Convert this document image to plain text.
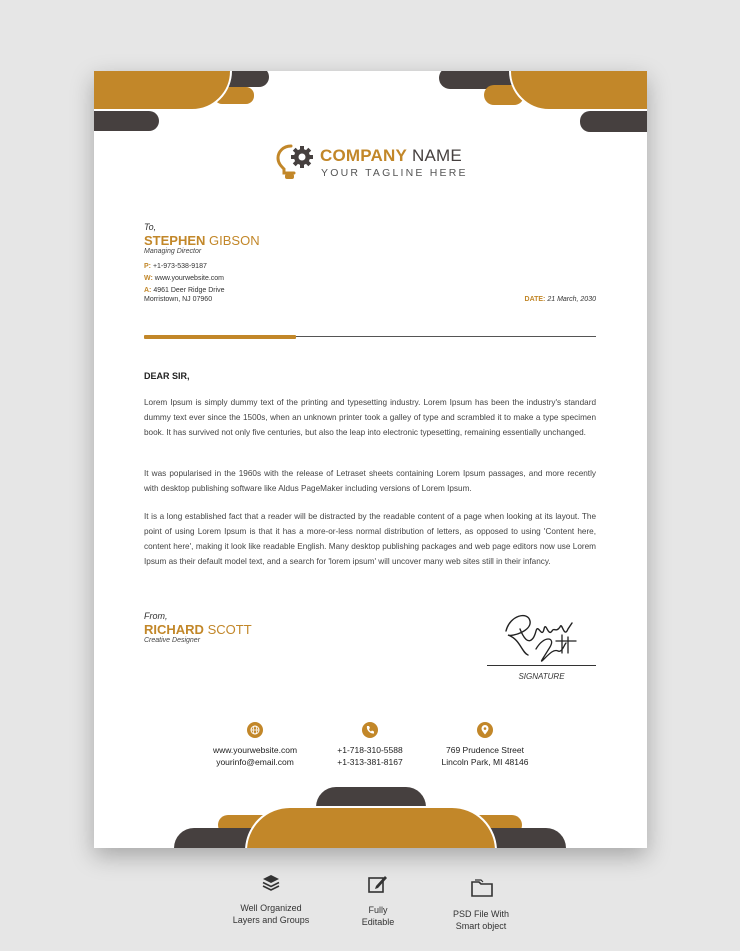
COMPANY NAME
YOUR TAGLINE HERE
To,
STEPHEN GIBSON
Managing Director
P: +1-973-538-9187
W: www.yourwebsite.com
A: 4961 Deer Ridge Drive
Morristown, NJ 07960	DATE: 21 March, 2030
DEAR SIR,

Lorem Ipsum is simply dummy text of the printing and typesetting industry. Lorem Ipsum has been the industry's standard dummy text ever since the 1500s, when an unknown printer took a galley of type and scrambled it to make a type specimen book. It has survived not only five centuries, but also the leap into electronic typesetting, remaining essentially unchanged.

It was popularised in the 1960s with the release of Letraset sheets containing Lorem Ipsum passages, and more recently with desktop publishing software like Aldus PageMaker including versions of Lorem Ipsum.

It is a long established fact that a reader will be distracted by the readable content of a page when looking at its layout. The point of using Lorem Ipsum is that it has a more-or-less normal distribution of letters, as opposed to using 'Content here, content here', making it look like readable English. Many desktop publishing packages and web page editors now use Lorem Ipsum as their default model text, and a search for 'lorem ipsum' will uncover many web sites still in their infancy.

From,
RICHARD SCOTT
Creative Designer
SIGNATURE
www.yourwebsite.com
yourinfo@email.com
+1-718-310-5588
+1-313-381-8167
769 Prudence Street
Lincoln Park, MI 48146
Well Organized
Layers and Groups
Fully
Editable
PSD File With
Smart object
